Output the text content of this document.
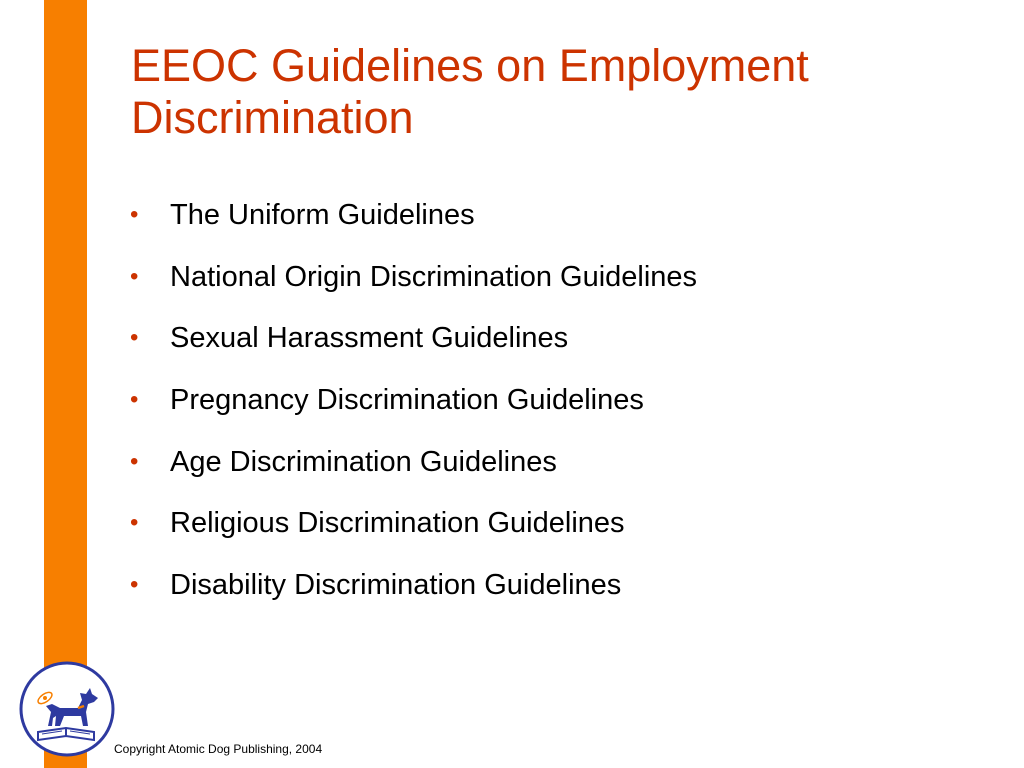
EEOC Guidelines on Employment
Discrimination
• The Uniform Guidelines
• National Origin Discrimination Guidelines
• Sexual Harassment Guidelines
• Pregnancy Discrimination Guidelines
• Age Discrimination Guidelines
• Religious Discrimination Guidelines
• Disability Discrimination Guidelines
Copyright Atomic Dog Publishing, 2004
